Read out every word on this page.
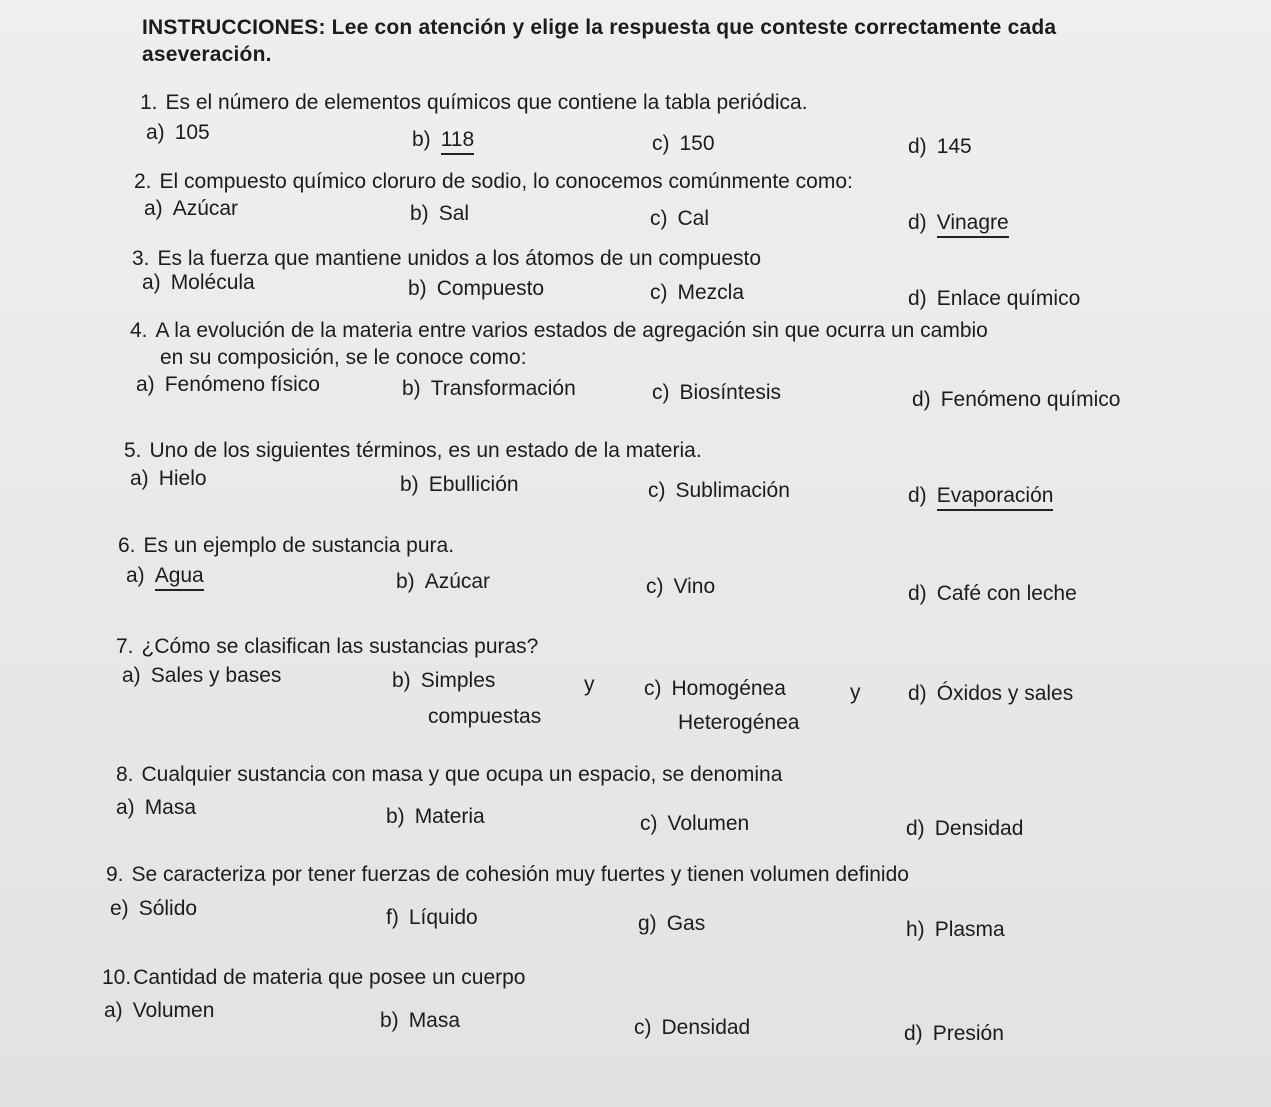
INSTRUCCIONES: Lee con atención y elige la respuesta que conteste correctamente cada aseveración.
1. Es el número de elementos químicos que contiene la tabla periódica.
a) 105	b) 118	c) 150	d) 145
2. El compuesto químico cloruro de sodio, lo conocemos comúnmente como:
a) Azúcar	b) Sal	c) Cal	d) Vinagre
3. Es la fuerza que mantiene unidos a los átomos de un compuesto
a) Molécula	b) Compuesto	c) Mezcla	d) Enlace químico
4. A la evolución de la materia entre varios estados de agregación sin que ocurra un cambio
en su composición, se le conoce como:
a) Fenómeno físico	b) Transformación	c) Biosíntesis	d) Fenómeno químico
5. Uno de los siguientes términos, es un estado de la materia.
a) Hielo	b) Ebullición	c) Sublimación	d) Evaporación
6. Es un ejemplo de sustancia pura.
a) Agua	b) Azúcar	c) Vino	d) Café con leche
7. ¿Cómo se clasifican las sustancias puras?
a) Sales y bases	b) Simples	y
compuestas
c) Homogénea	y
Heterogénea
d) Óxidos y sales
8. Cualquier sustancia con masa y que ocupa un espacio, se denomina
a) Masa	b) Materia	c) Volumen	d) Densidad
9. Se caracteriza por tener fuerzas de cohesión muy fuertes y tienen volumen definido
e) Sólido	f) Líquido	g) Gas	h) Plasma
10.Cantidad de materia que posee un cuerpo
a) Volumen	b) Masa	c) Densidad	d) Presión
